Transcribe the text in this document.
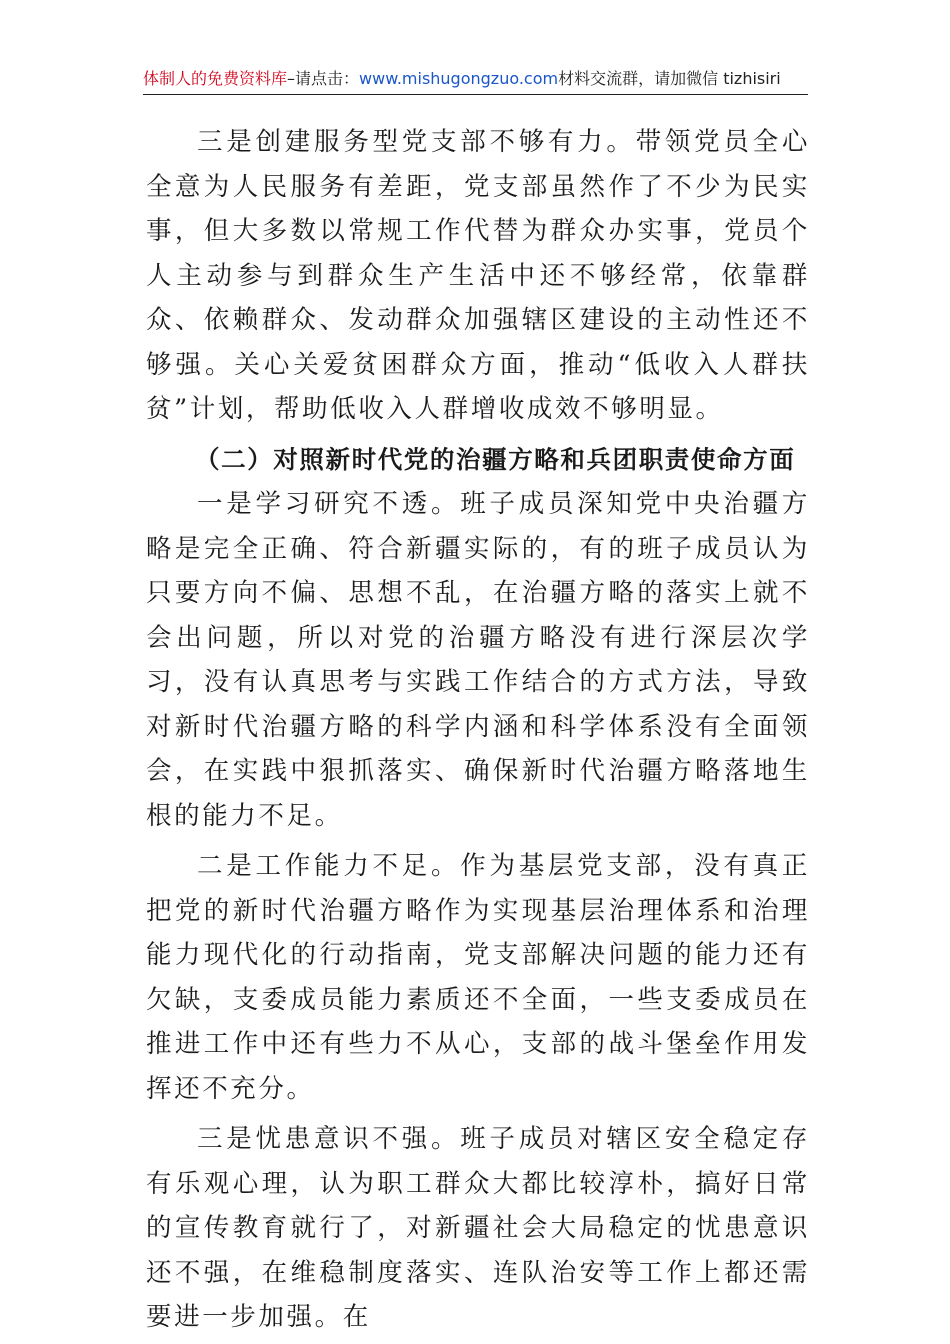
体制人的免费资料库–请点击：www.mishugongzuo.com材料交流群，请加微信 tizhisiri

三是创建服务型党支部不够有力。带领党员全心全意为人民服务有差距，党支部虽然作了不少为民实事，但大多数以常规工作代替为群众办实事，党员个人主动参与到群众生产生活中还不够经常，依靠群众、依赖群众、发动群众加强辖区建设的主动性还不够强。关心关爱贫困群众方面，推动“低收入人群扶贫”计划，帮助低收入人群增收成效不够明显。

（二）对照新时代党的治疆方略和兵团职责使命方面

一是学习研究不透。班子成员深知党中央治疆方略是完全正确、符合新疆实际的，有的班子成员认为只要方向不偏、思想不乱，在治疆方略的落实上就不会出问题，所以对党的治疆方略没有进行深层次学习，没有认真思考与实践工作结合的方式方法，导致对新时代治疆方略的科学内涵和科学体系没有全面领会，在实践中狠抓落实、确保新时代治疆方略落地生根的能力不足。

二是工作能力不足。作为基层党支部，没有真正把党的新时代治疆方略作为实现基层治理体系和治理能力现代化的行动指南，党支部解决问题的能力还有欠缺，支委成员能力素质还不全面，一些支委成员在推进工作中还有些力不从心，支部的战斗堡垒作用发挥还不充分。

三是忧患意识不强。班子成员对辖区安全稳定存有乐观心理，认为职工群众大都比较淳朴，搞好日常的宣传教育就行了，对新疆社会大局稳定的忧患意识还不强，在维稳制度落实、连队治安等工作上都还需要进一步加强。在
